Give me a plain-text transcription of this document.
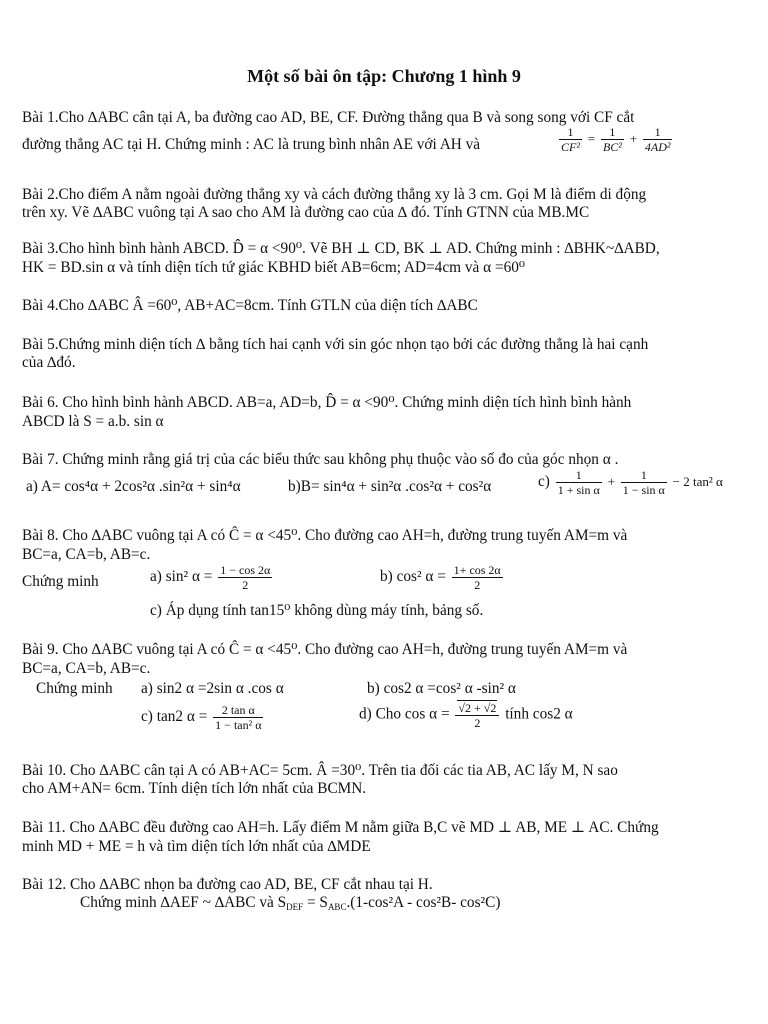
Một số bài ôn tập: Chương 1 hình 9
Bài 1.Cho ∆ABC cân tại A, ba đường cao AD, BE, CF. Đường thẳng qua B và song song với CF cắt
đường thẳng AC tại H. Chứng minh : AC là trung bình nhân AE với AH và	$\frac{1}{\text{CF²}} = \frac{1}{\text{BC²}} + \frac{1}{\text{4AD²}}$
Bài 2.Cho điểm A nằm ngoài đường thẳng xy và cách đường thẳng xy là 3 cm. Gọi M là điểm di động
trên xy. Vẽ ∆ABC vuông tại A sao cho AM là đường cao của ∆ đó. Tính GTNN của MB.MC
Bài 3.Cho hình bình hành ABCD. D̂ = α <90⁰. Vẽ BH ⊥ CD, BK ⊥ AD. Chứng minh : ∆BHK~∆ABD,
HK = BD.sin α và tính diện tích tứ giác KBHD biết AB=6cm; AD=4cm và α =60⁰
Bài 4.Cho ∆ABC Â =60⁰, AB+AC=8cm. Tính GTLN của diện tích ∆ABC
Bài 5.Chứng minh diện tích ∆ bằng tích hai cạnh với sin góc nhọn tạo bởi các đường thẳng là hai cạnh
của ∆đó.
Bài 6. Cho hình bình hành ABCD. AB=a, AD=b, D̂ = α <90⁰. Chứng minh diện tích hình bình hành
ABCD là S = a.b. sin α
Bài 7. Chứng minh rằng giá trị của các biểu thức sau không phụ thuộc vào số đo của góc nhọn α .
a) A= cos⁴α + 2cos²α .sin²α + sin⁴α	b)B= sin⁴α + sin²α .cos²α + cos²α	$c) \frac{1}{\text{1 + sin α}} + \frac{1}{\text{1 − sin α}} - 2$ tan² α
Bài 8. Cho ∆ABC vuông tại A có Ĉ = α <45⁰. Cho đường cao AH=h, đường trung tuyến AM=m và
BC=a, CA=b, AB=c.
Chứng minh	a) sin² $\alpha = \frac{1 - \cos 2\alpha}{2}$	b) cos² $\alpha = \frac{1+ \cos 2\alpha}{2}$
c) Áp dụng tính tan15⁰ không dùng máy tính, bảng số.
Bài 9. Cho ∆ABC vuông tại A có Ĉ = α <45⁰. Cho đường cao AH=h, đường trung tuyến AM=m và
BC=a, CA=b, AB=c.
Chứng minh a) sin2 α =2sin α .cos α	b) cos2 α =cos² α -sin² α
c) tan2 $\alpha = \frac{\text{2 tan α}}{\text{1 − tan² α}}$	d) Cho $\cos \alpha = \frac{√2 + √2}{2}$ tính cos2 α
Bài 10. Cho ∆ABC cân tại A có AB+AC= 5cm. Â =30⁰. Trên tia đối các tia AB, AC lấy M, N sao
cho AM+AN= 6cm. Tính diện tích lớn nhất của BCMN.
Bài 11. Cho ∆ABC đều đường cao AH=h. Lấy điểm M nằm giữa B,C vẽ MD ⊥ AB, ME ⊥ AC. Chứng
minh MD + ME = h và tìm diện tích lớn nhất của ∆MDE
Bài 12. Cho ∆ABC nhọn ba đường cao AD, BE, CF cắt nhau tại H.
Chứng minh ∆AEF ~ ∆ABC và $S_{DEF} = S_{ABC}.(1-\cos^2A - \cos^2B-$ cos²C)
